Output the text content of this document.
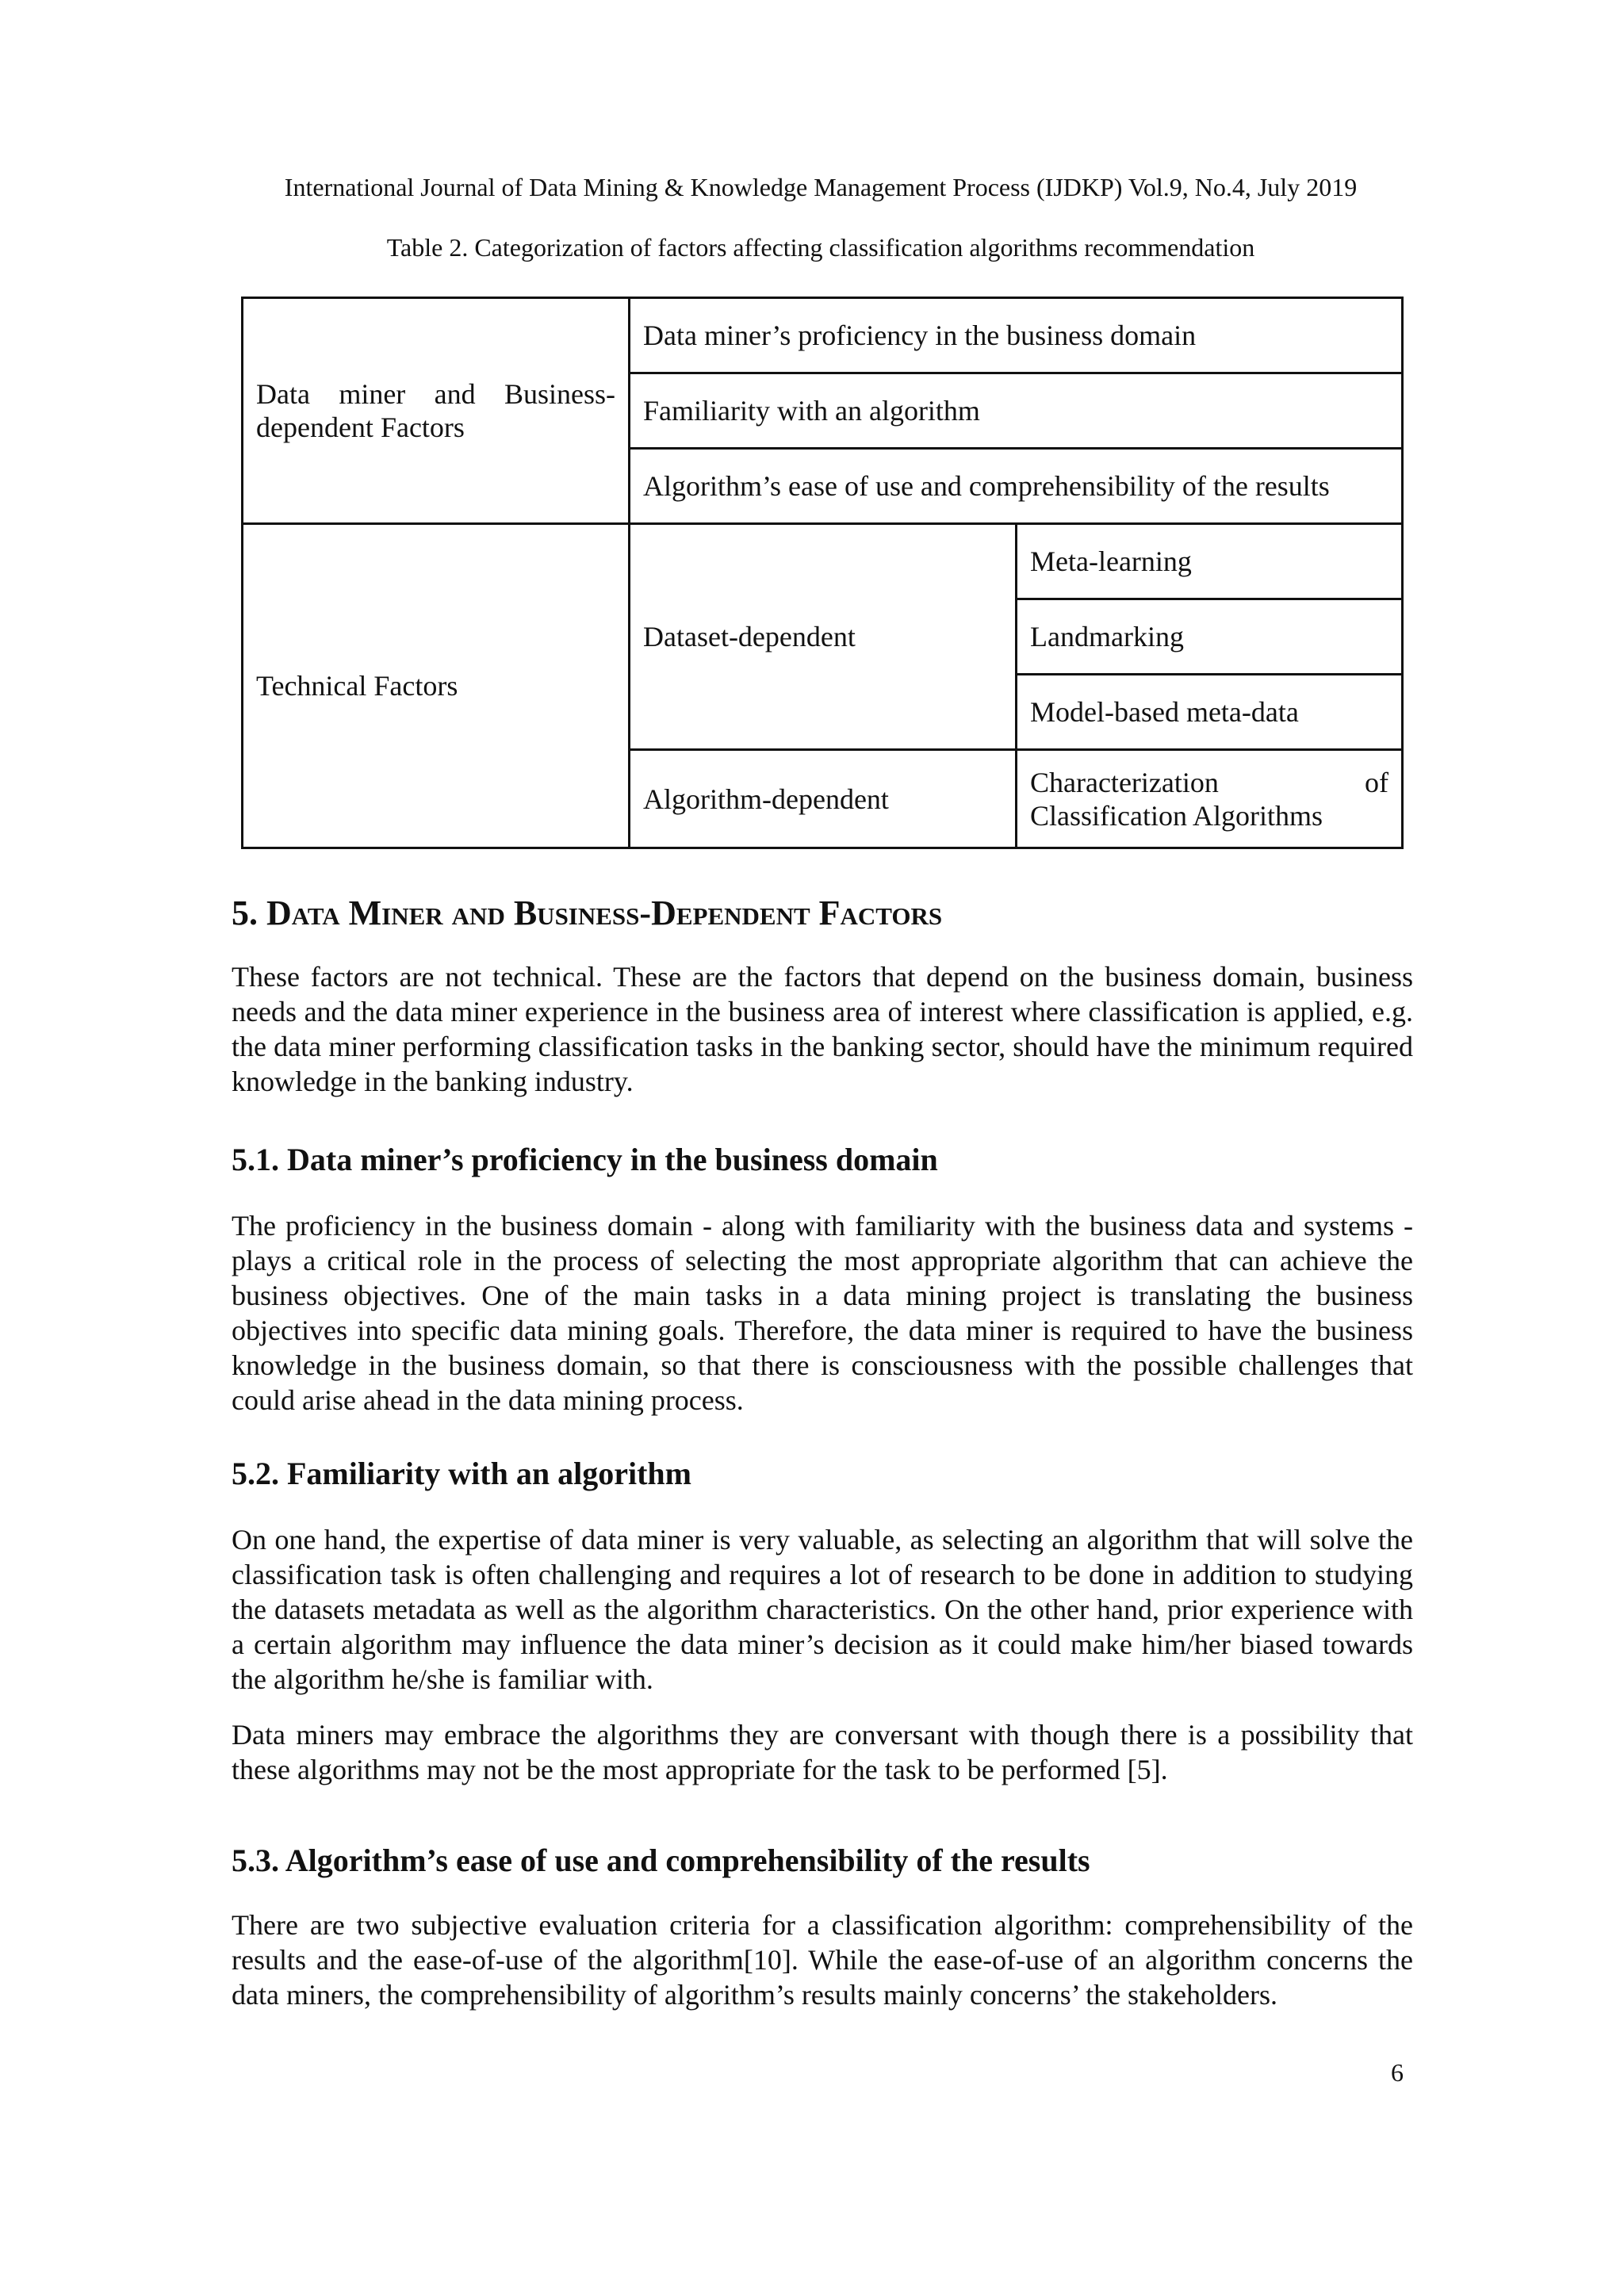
International Journal of Data Mining & Knowledge Management Process (IJDKP) Vol.9, No.4, July 2019
Table 2. Categorization of factors affecting classification algorithms recommendation
Data miner and Business-dependent Factors	Data miner’s proficiency in the business domain	
	Familiarity with an algorithm	
	Algorithm’s ease of use and comprehensibility of the results	
Technical Factors	Dataset-dependent	Meta-learning
		Landmarking
		Model-based meta-data
	Algorithm-dependent	Characterization of Classification Algorithms
5. Data Miner and Business-Dependent Factors

These factors are not technical. These are the factors that depend on the business domain, business needs and the data miner experience in the business area of interest where classification is applied, e.g. the data miner performing classification tasks in the banking sector, should have the minimum required knowledge in the banking industry.

5.1. Data miner’s proficiency in the business domain

The proficiency in the business domain - along with familiarity with the business data and systems - plays a critical role in the process of selecting the most appropriate algorithm that can achieve the business objectives. One of the main tasks in a data mining project is translating the business objectives into specific data mining goals. Therefore, the data miner is required to have the business knowledge in the business domain, so that there is consciousness with the possible challenges that could arise ahead in the data mining process.

5.2. Familiarity with an algorithm

On one hand, the expertise of data miner is very valuable, as selecting an algorithm that will solve the classification task is often challenging and requires a lot of research to be done in addition to studying the datasets metadata as well as the algorithm characteristics. On the other hand, prior experience with a certain algorithm may influence the data miner’s decision as it could make him/her biased towards the algorithm he/she is familiar with.

Data miners may embrace the algorithms they are conversant with though there is a possibility that these algorithms may not be the most appropriate for the task to be performed [5].

5.3. Algorithm’s ease of use and comprehensibility of the results

There are two subjective evaluation criteria for a classification algorithm: comprehensibility of the results and the ease-of-use of the algorithm[10]. While the ease-of-use of an algorithm concerns the data miners, the comprehensibility of algorithm’s results mainly concerns’ the stakeholders.

6
